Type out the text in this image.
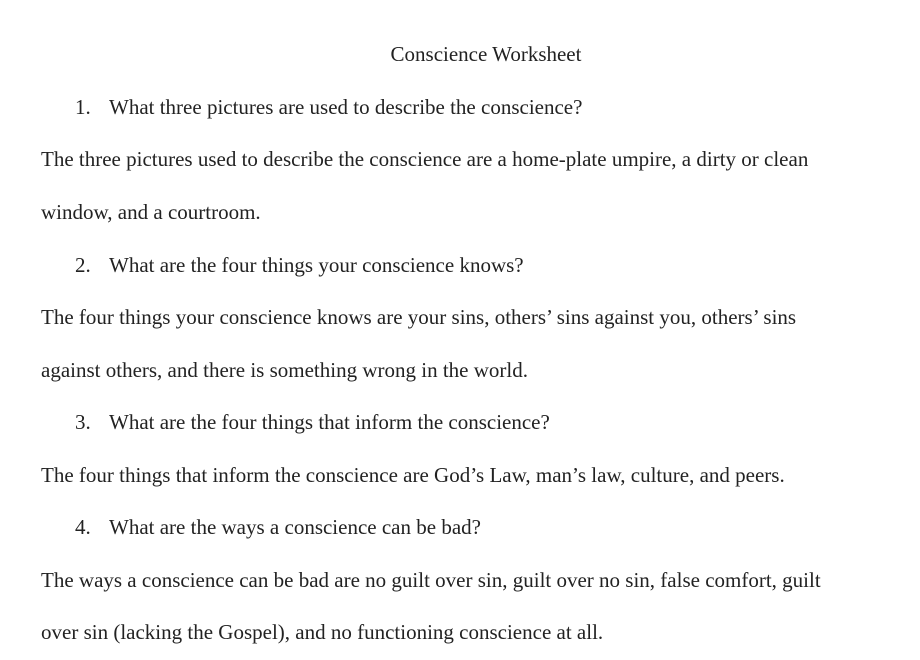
Conscience Worksheet
1. What three pictures are used to describe the conscience?
The three pictures used to describe the conscience are a home-plate umpire, a dirty or clean
window, and a courtroom.
2. What are the four things your conscience knows?
The four things your conscience knows are your sins, others’ sins against you, others’ sins
against others, and there is something wrong in the world.
3. What are the four things that inform the conscience?
The four things that inform the conscience are God’s Law, man’s law, culture, and peers.
4. What are the ways a conscience can be bad?
The ways a conscience can be bad are no guilt over sin, guilt over no sin, false comfort, guilt
over sin (lacking the Gospel), and no functioning conscience at all.
